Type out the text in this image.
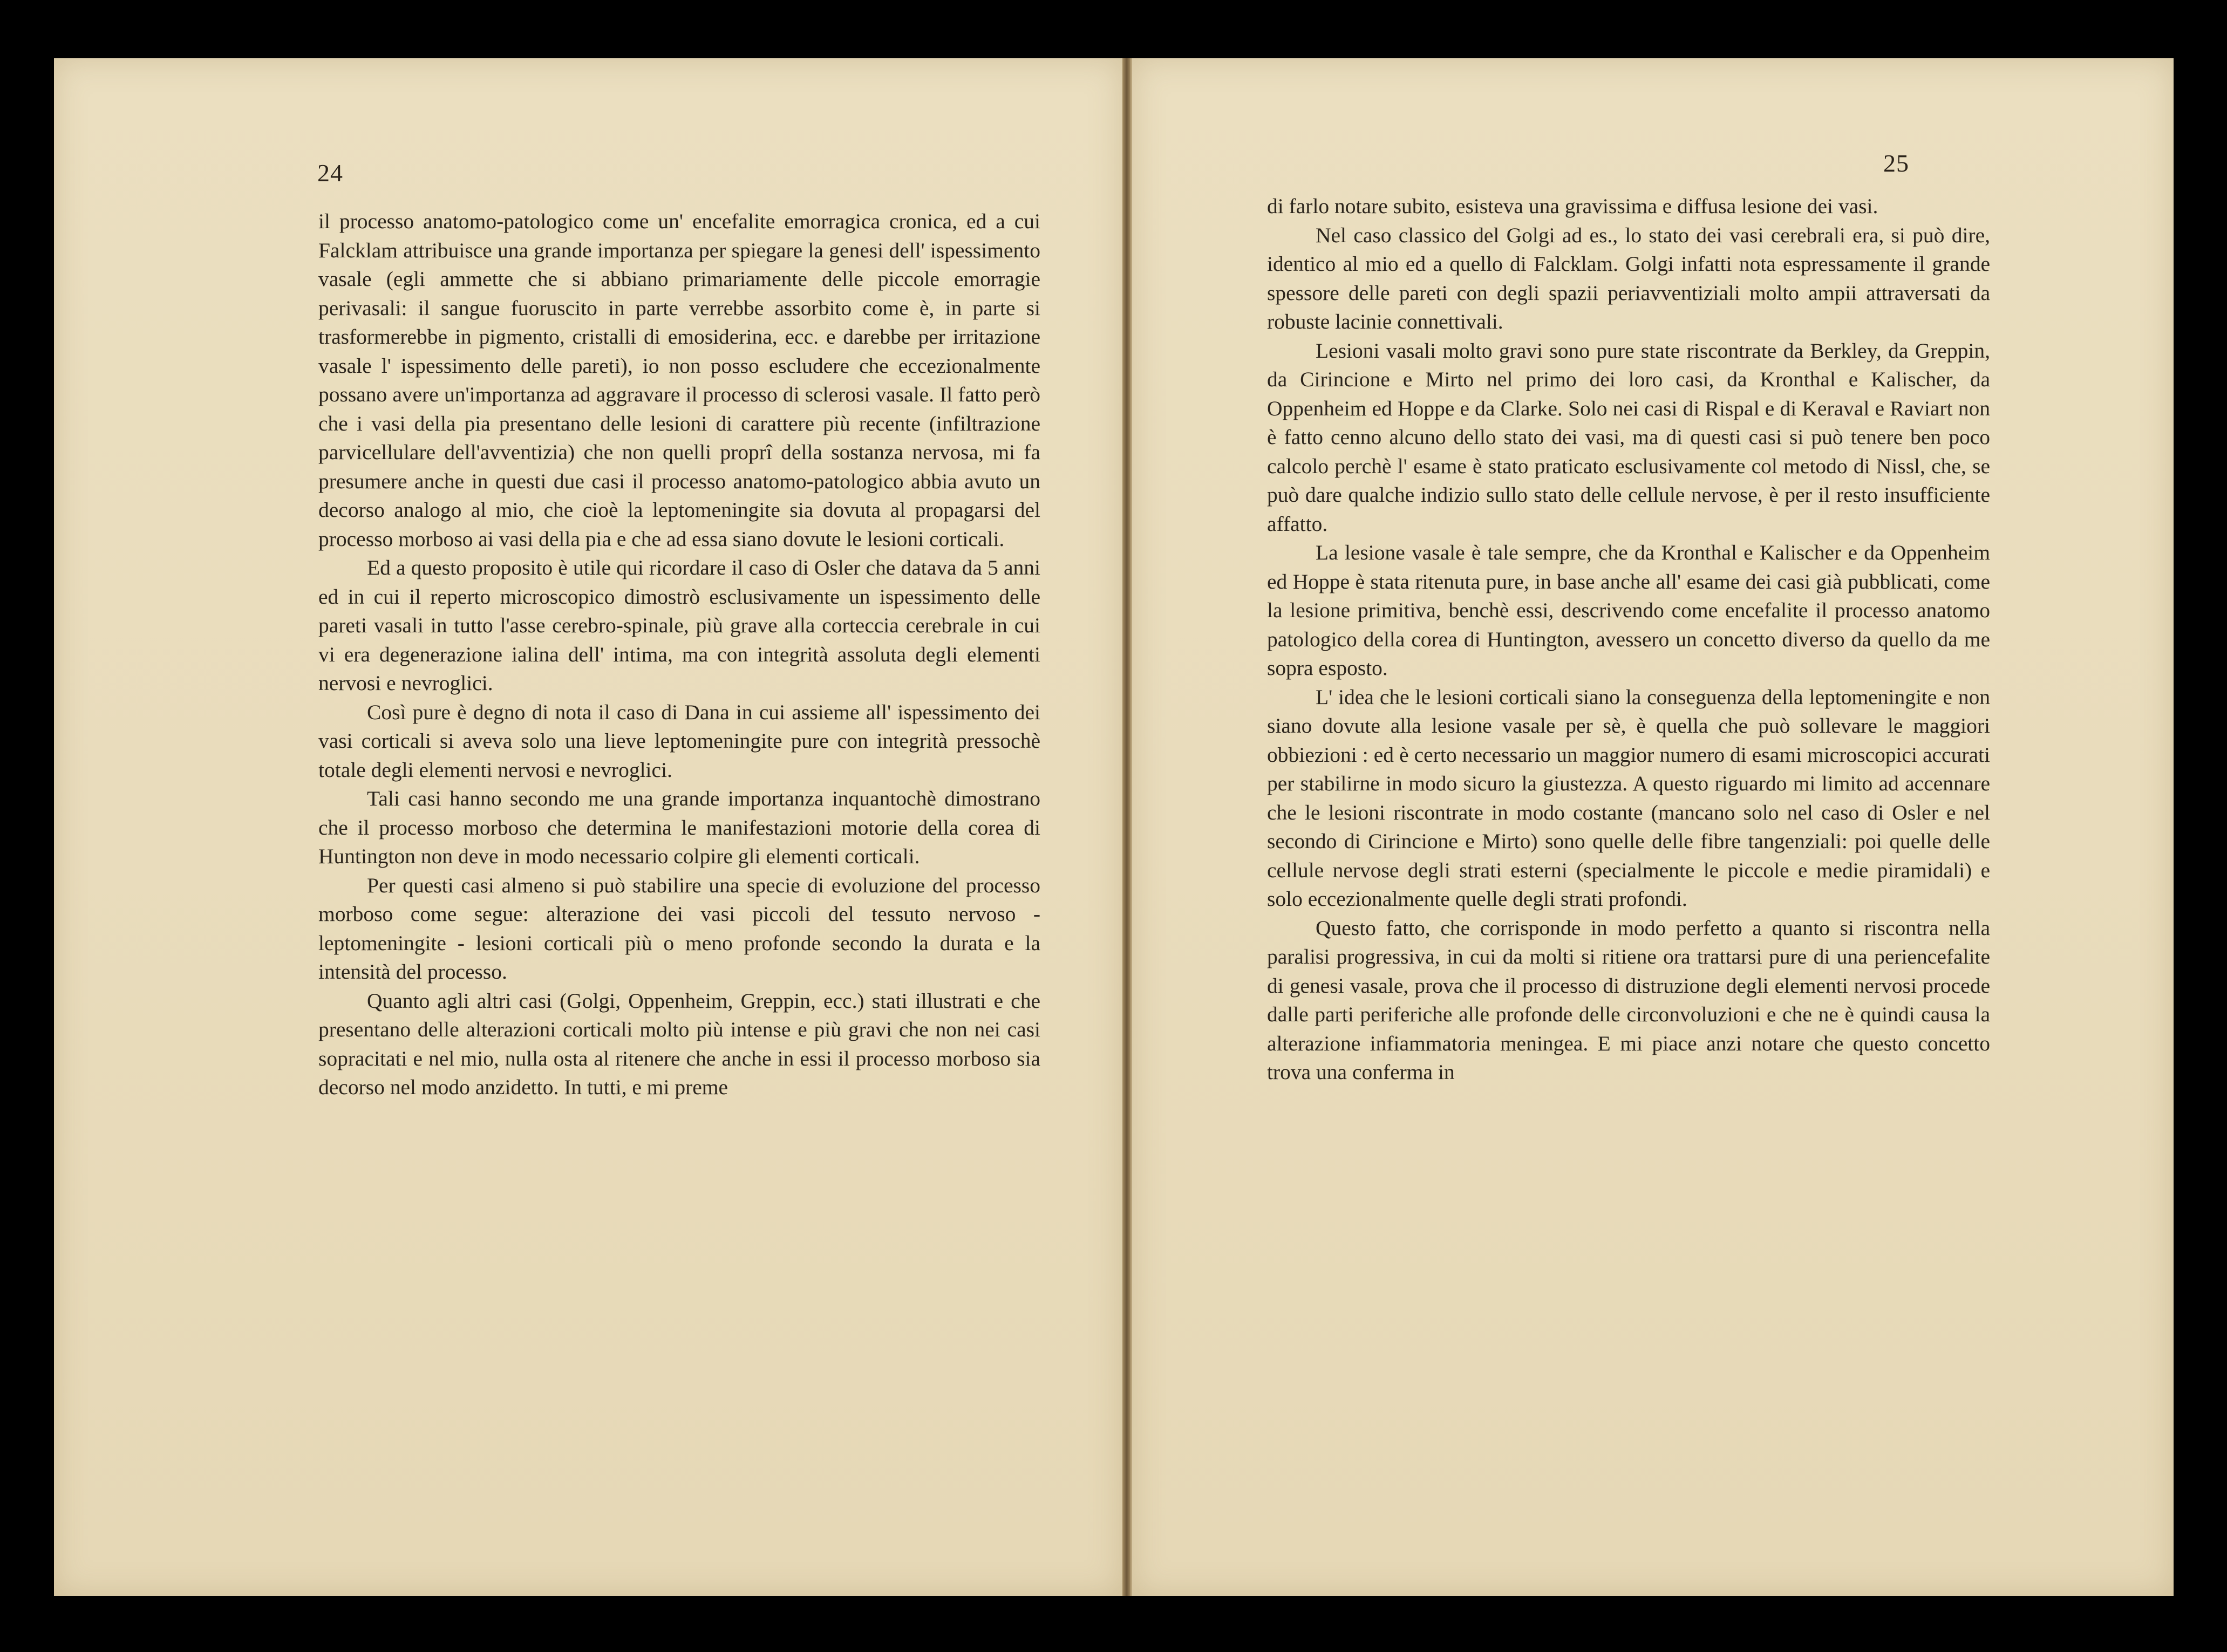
24

il processo anatomo-patologico come un' encefalite emorragica cronica, ed a cui Falcklam attribuisce una grande importanza per spiegare la genesi dell' ispessimento vasale (egli ammette che si abbiano primariamente delle piccole emorragie perivasali: il sangue fuoruscito in parte verrebbe assorbito come è, in parte si trasformerebbe in pigmento, cristalli di emosiderina, ecc. e darebbe per irritazione vasale l' ispessimento delle pareti), io non posso escludere che eccezionalmente possano avere un'importanza ad aggravare il processo di sclerosi vasale. Il fatto però che i vasi della pia presentano delle lesioni di carattere più recente (infiltrazione parvicellulare dell'avventizia) che non quelli proprî della sostanza nervosa, mi fa presumere anche in questi due casi il processo anatomo-patologico abbia avuto un decorso analogo al mio, che cioè la leptomeningite sia dovuta al propagarsi del processo morboso ai vasi della pia e che ad essa siano dovute le lesioni corticali.

Ed a questo proposito è utile qui ricordare il caso di Osler che datava da 5 anni ed in cui il reperto microscopico dimostrò esclusivamente un ispessimento delle pareti vasali in tutto l'asse cerebro-spinale, più grave alla corteccia cerebrale in cui vi era degenerazione ialina dell' intima, ma con integrità assoluta degli elementi nervosi e nevroglici.

Così pure è degno di nota il caso di Dana in cui assieme all' ispessimento dei vasi corticali si aveva solo una lieve leptomeningite pure con integrità pressochè totale degli elementi nervosi e nevroglici.

Tali casi hanno secondo me una grande importanza inquantochè dimostrano che il processo morboso che determina le manifestazioni motorie della corea di Huntington non deve in modo necessario colpire gli elementi corticali.

Per questi casi almeno si può stabilire una specie di evoluzione del processo morboso come segue: alterazione dei vasi piccoli del tessuto nervoso - leptomeningite - lesioni corticali più o meno profonde secondo la durata e la intensità del processo.

Quanto agli altri casi (Golgi, Oppenheim, Greppin, ecc.) stati illustrati e che presentano delle alterazioni corticali molto più intense e più gravi che non nei casi sopracitati e nel mio, nulla osta al ritenere che anche in essi il processo morboso sia decorso nel modo anzidetto. In tutti, e mi preme

25

di farlo notare subito, esisteva una gravissima e diffusa lesione dei vasi.

Nel caso classico del Golgi ad es., lo stato dei vasi cerebrali era, si può dire, identico al mio ed a quello di Falcklam. Golgi infatti nota espressamente il grande spessore delle pareti con degli spazii periavventiziali molto ampii attraversati da robuste lacinie connettivali.

Lesioni vasali molto gravi sono pure state riscontrate da Berkley, da Greppin, da Cirincione e Mirto nel primo dei loro casi, da Kronthal e Kalischer, da Oppenheim ed Hoppe e da Clarke. Solo nei casi di Rispal e di Keraval e Raviart non è fatto cenno alcuno dello stato dei vasi, ma di questi casi si può tenere ben poco calcolo perchè l' esame è stato praticato esclusivamente col metodo di Nissl, che, se può dare qualche indizio sullo stato delle cellule nervose, è per il resto insufficiente affatto.

La lesione vasale è tale sempre, che da Kronthal e Kalischer e da Oppenheim ed Hoppe è stata ritenuta pure, in base anche all' esame dei casi già pubblicati, come la lesione primitiva, benchè essi, descrivendo come encefalite il processo anatomo patologico della corea di Huntington, avessero un concetto diverso da quello da me sopra esposto.

L' idea che le lesioni corticali siano la conseguenza della leptomeningite e non siano dovute alla lesione vasale per sè, è quella che può sollevare le maggiori obbiezioni : ed è certo necessario un maggior numero di esami microscopici accurati per stabilirne in modo sicuro la giustezza. A questo riguardo mi limito ad accennare che le lesioni riscontrate in modo costante (mancano solo nel caso di Osler e nel secondo di Cirincione e Mirto) sono quelle delle fibre tangenziali: poi quelle delle cellule nervose degli strati esterni (specialmente le piccole e medie piramidali) e solo eccezionalmente quelle degli strati profondi.

Questo fatto, che corrisponde in modo perfetto a quanto si riscontra nella paralisi progressiva, in cui da molti si ritiene ora trattarsi pure di una periencefalite di genesi vasale, prova che il processo di distruzione degli elementi nervosi procede dalle parti periferiche alle profonde delle circonvoluzioni e che ne è quindi causa la alterazione infiammatoria meningea. E mi piace anzi notare che questo concetto trova una conferma in
